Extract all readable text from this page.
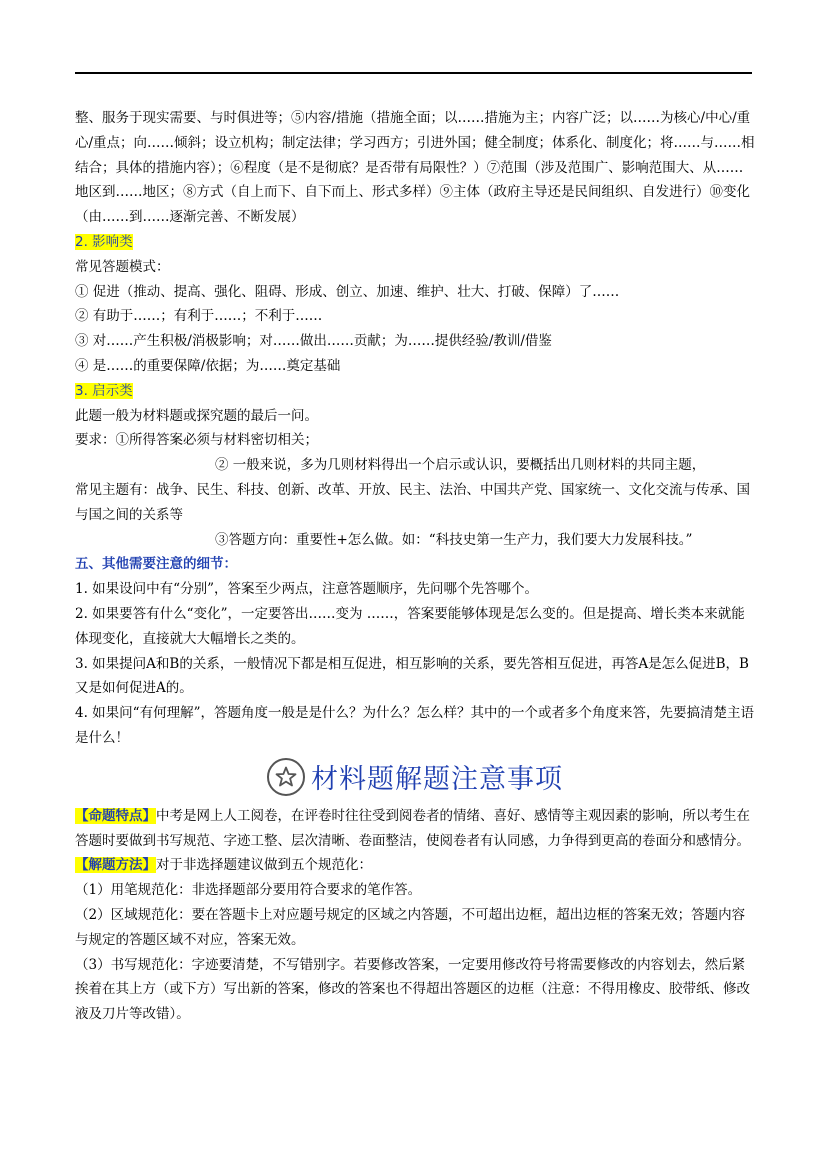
整、服务于现实需要、与时俱进等；⑤内容/措施（措施全面；以……措施为主；内容广泛；以……为核心/中心/重心/重点；向……倾斜；设立机构；制定法律；学习西方；引进外国；健全制度；体系化、制度化；将……与……相结合；具体的措施内容）；⑥程度（是不是彻底？是否带有局限性？）⑦范围（涉及范围广、影响范围大、从……地区到……地区；⑧方式（自上而下、自下而上、形式多样）⑨主体（政府主导还是民间组织、自发进行）⑩变化（由……到……逐渐完善、不断发展）

2. 影响类

常见答题模式：

① 促进（推动、提高、强化、阻碍、形成、创立、加速、维护、壮大、打破、保障）了……

② 有助于……；有利于……；不利于……

③ 对……产生积极/消极影响；对……做出……贡献；为……提供经验/教训/借鉴

④ 是……的重要保障/依据；为……奠定基础

3. 启示类

此题一般为材料题或探究题的最后一问。

要求：①所得答案必须与材料密切相关；

② 一般来说，多为几则材料得出一个启示或认识，要概括出几则材料的共同主题，

常见主题有：战争、民生、科技、创新、改革、开放、民主、法治、中国共产党、国家统一、文化交流与传承、国与国之间的关系等

③答题方向：重要性+怎么做。如：“科技史第一生产力，我们要大力发展科技。”

五、其他需要注意的细节：

1. 如果设问中有“分别”，答案至少两点，注意答题顺序，先问哪个先答哪个。

2. 如果要答有什么“变化”，一定要答出……变为 ……，答案要能够体现是怎么变的。但是提高、增长类本来就能体现变化，直接就大大幅增长之类的。

3. 如果提问A和B的关系，一般情况下都是相互促进，相互影响的关系，要先答相互促进，再答A是怎么促进B，B又是如何促进A的。

4. 如果问“有何理解”，答题角度一般是是什么？为什么？怎么样？其中的一个或者多个角度来答，先要搞清楚主语是什么！

材料题解题注意事项

【命题特点】中考是网上人工阅卷，在评卷时往往受到阅卷者的情绪、喜好、感情等主观因素的影响，所以考生在答题时要做到书写规范、字迹工整、层次清晰、卷面整洁，使阅卷者有认同感，力争得到更高的卷面分和感情分。

【解题方法】对于非选择题建议做到五个规范化：

（1）用笔规范化：非选择题部分要用符合要求的笔作答。

（2）区域规范化：要在答题卡上对应题号规定的区域之内答题，不可超出边框，超出边框的答案无效；答题内容与规定的答题区域不对应，答案无效。

（3）书写规范化：字迹要清楚，不写错别字。若要修改答案，一定要用修改符号将需要修改的内容划去，然后紧挨着在其上方（或下方）写出新的答案，修改的答案也不得超出答题区的边框（注意：不得用橡皮、胶带纸、修改液及刀片等改错）。
